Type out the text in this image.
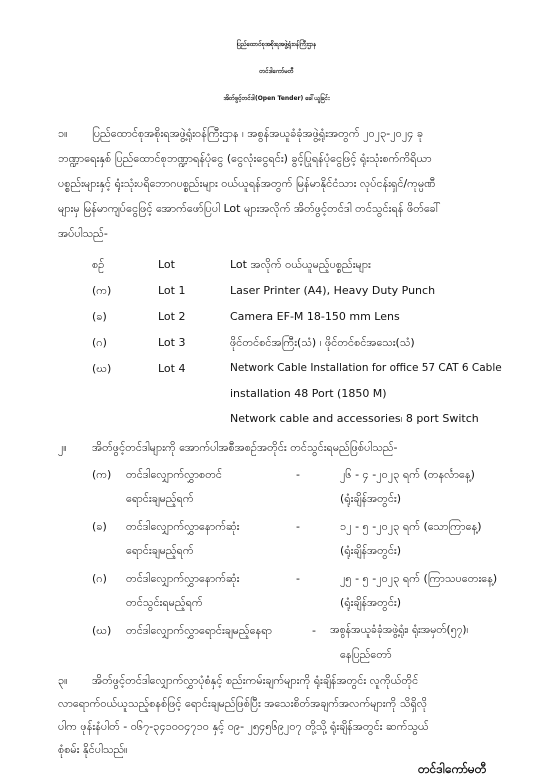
ပြည်ထောင်စုအစိုးရအဖွဲ့ရုံးဝန်ကြီးဌာန
တင်ဒါကော်မတီ
အိတ်ဖွင့်တင်ဒါ(Open Tender) ခေါ်ယူခြင်း
၁။ ပြည်ထောင်စုအစိုးရအဖွဲ့ရုံးဝန်ကြီးဌာန ၊ အစွန်အယူခံခုံအဖွဲ့ရုံးအတွက် ၂၀၂၃-၂၀၂၄ ခု
ဘဏ္ဍာရေးနှစ် ပြည်ထောင်စုဘဏ္ဍာရန်ပုံငွေ (ငွေလုံးငွေရင်း) ခွင့်ပြုရန်ပုံငွေဖြင့် ရုံးသုံးစက်ကိရိယာ
ပစ္စည်းများနှင့် ရုံးသုံးပရိဘောဂပစ္စည်းများ ဝယ်ယူရန်အတွက် မြန်မာနိုင်ငံသား လုပ်ငန်းရှင်/ကုမ္ပဏီ
များမှ မြန်မာကျပ်ငွေဖြင့် အောက်ဖော်ပြပါ Lot များအလိုက် အိတ်ဖွင့်တင်ဒါ တင်သွင်းရန် ဖိတ်ခေါ်
အပ်ပါသည်-
စဉ်	Lot	Lot အလိုက် ဝယ်ယူမည့်ပစ္စည်းများ
(က)	Lot 1	Laser Printer (A4), Heavy Duty Punch
(ခ)	Lot 2	Camera EF-M 18-150 mm Lens
(ဂ)	Lot 3	ဖိုင်တင်စင်အကြီး(သံ) ၊ ဖိုင်တင်စင်အသေး(သံ)
(ဃ)	Lot 4	Network Cable Installation for office 57 CAT 6 Cable
installation 48 Port (1850 M)
Network cable and accessories၊ 8 port Switch
၂။ အိတ်ဖွင့်တင်ဒါများကို အောက်ပါအစီအစဉ်အတိုင်း တင်သွင်းရမည်ဖြစ်ပါသည်-
(က) တင်ဒါလျှောက်လွှာစတင်
ရောင်းချမည့်ရက်
-	၂၆ - ၄ -၂၀၂၃ ရက် (တနင်္လာနေ့)
(ရုံးချိန်အတွင်း)
(ခ) တင်ဒါလျှောက်လွှာနောက်ဆုံး
ရောင်းချမည့်ရက်
-	၁၂ - ၅ -၂၀၂၃ ရက် (သောကြာနေ့)
(ရုံးချိန်အတွင်း)
(ဂ) တင်ဒါလျှောက်လွှာနောက်ဆုံး
တင်သွင်းရမည့်ရက်
-	၂၅ - ၅ -၂၀၂၃ ရက် (ကြာသပတေးနေ့)
(ရုံးချိန်အတွင်း)
(ဃ) တင်ဒါလျှောက်လွှာရောင်းချမည့်နေရာ	- အစွန်အယူခံခုံအဖွဲ့ရုံး၊ ရုံးအမှတ်(၅၇)၊
နေပြည်တော်
၃။ အိတ်ဖွင့်တင်ဒါလျှောက်လွှာပုံစံနှင့် စည်းကမ်းချက်များကို ရုံးချိန်အတွင်း လူကိုယ်တိုင်
လာရောက်ဝယ်ယူသည့်စနစ်ဖြင့် ရောင်းချမည်ဖြစ်ပြီး အသေးစိတ်အချက်အလက်များကို သိရှိလို
ပါက ဖုန်းနံပါတ် - ၀၆၇-၃၄၁၀၀၄၇၁၀ နှင့် ၀၉- ၂၅၄၅၆၉၂၀၇ တို့သို့ ရုံးချိန်အတွင်း ဆက်သွယ်
စုံစမ်း နိုင်ပါသည်။
တင်ဒါကော်မတီ
